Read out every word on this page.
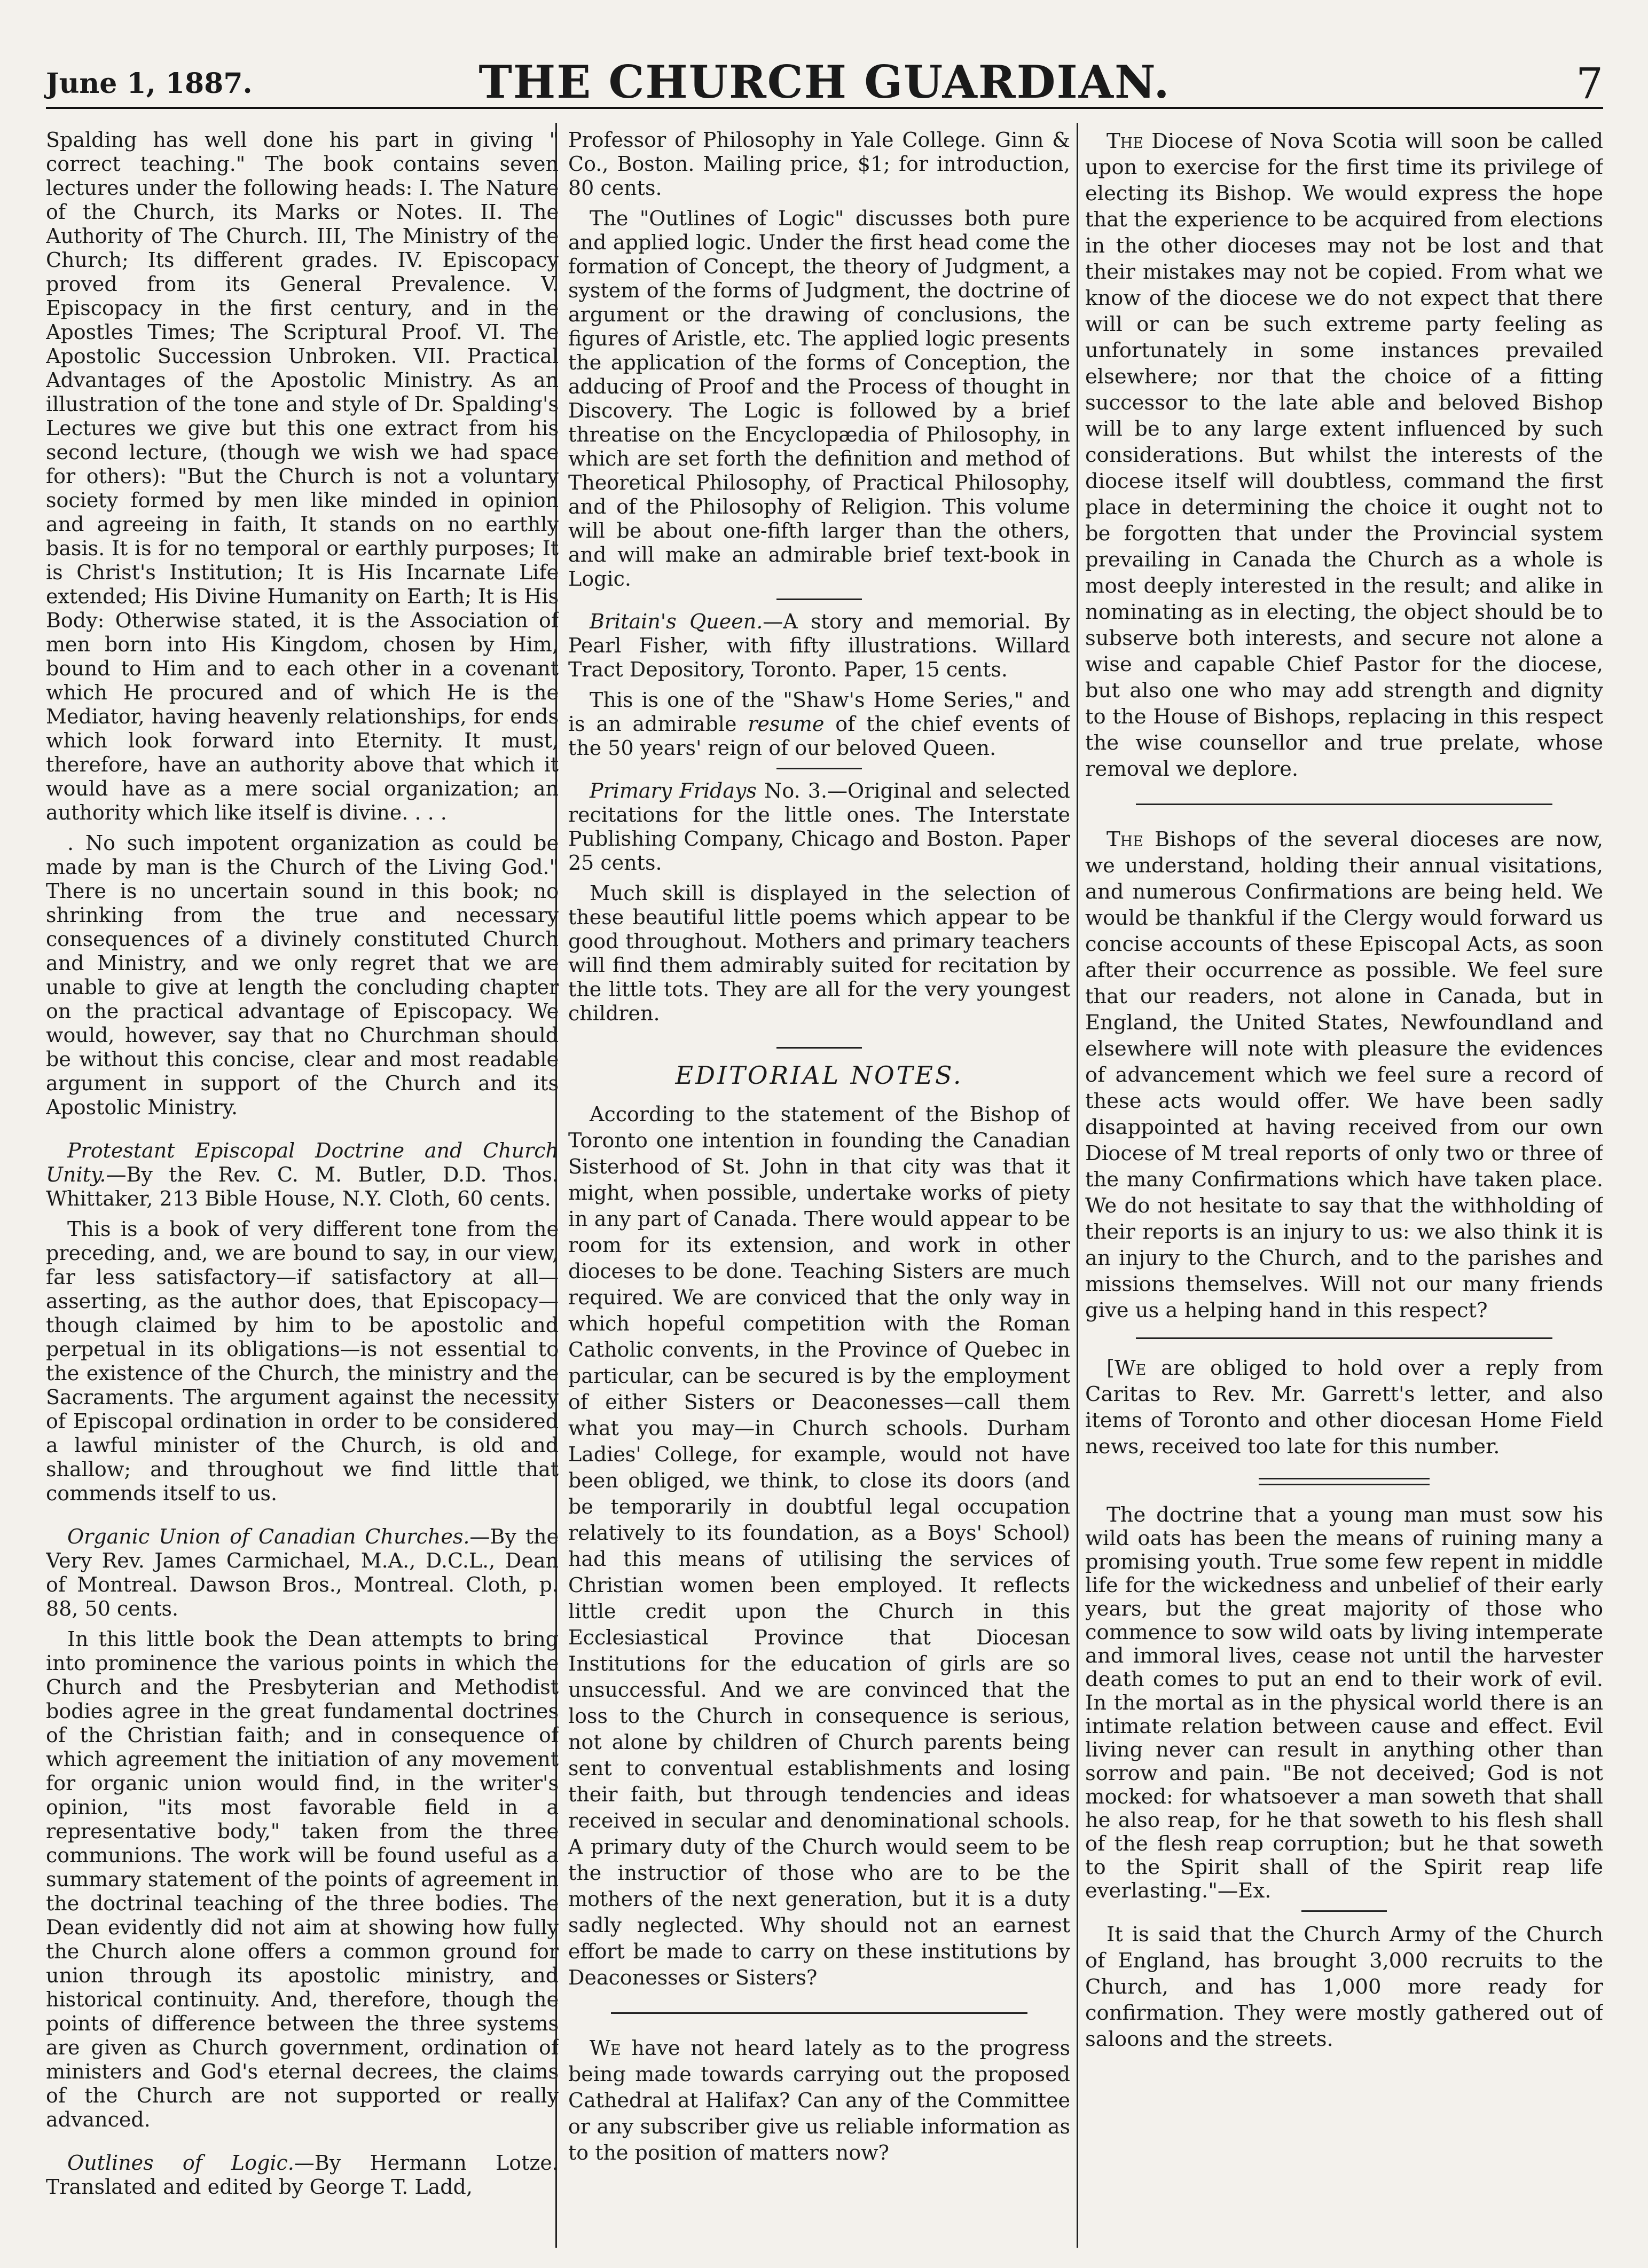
June 1, 1887.	THE CHURCH GUARDIAN.	7

Spalding has well done his part in giving " correct teaching." The book contains seven lectures under the following heads: I. The Nature of the Church, its Marks or Notes. II. The Authority of The Church. III, The Ministry of the Church; Its different grades. IV. Episcopacy proved from its General Prevalence. V. Episcopacy in the first century, and in the Apostles Times; The Scriptural Proof. VI. The Apostolic Succession Unbroken. VII. Practical Advantages of the Apostolic Ministry. As an illustration of the tone and style of Dr. Spalding's Lectures we give but this one extract from his second lecture, (though we wish we had space for others): "But the Church is not a voluntary society formed by men like minded in opinion and agreeing in faith, It stands on no earthly basis. It is for no temporal or earthly purposes; It is Christ's Institution; It is His Incarnate Life extended; His Divine Humanity on Earth; It is His Body: Otherwise stated, it is the Association of men born into His Kingdom, chosen by Him, bound to Him and to each other in a covenant which He procured and of which He is the Mediator, having heavenly relationships, for ends which look forward into Eternity. It must, therefore, have an authority above that which it would have as a mere social organization; an authority which like itself is divine. . . .

. No such impotent organization as could be made by man is the Church of the Living God." There is no uncertain sound in this book; no shrinking from the true and necessary consequences of a divinely constituted Church and Ministry, and we only regret that we are unable to give at length the concluding chapter on the practical advantage of Episcopacy. We would, however, say that no Churchman should be without this concise, clear and most readable argument in support of the Church and its Apostolic Ministry.

Protestant Episcopal Doctrine and Church Unity.—By the Rev. C. M. Butler, D.D. Thos. Whittaker, 213 Bible House, N.Y. Cloth, 60 cents.

This is a book of very different tone from the preceding, and, we are bound to say, in our view, far less satisfactory—if satisfactory at all—asserting, as the author does, that Episcopacy—though claimed by him to be apostolic and perpetual in its obligations—is not essential to the existence of the Church, the ministry and the Sacraments. The argument against the necessity of Episcopal ordination in order to be considered a lawful minister of the Church, is old and shallow; and throughout we find little that commends itself to us.

Organic Union of Canadian Churches.—By the Very Rev. James Carmichael, M.A., D.C.L., Dean of Montreal. Dawson Bros., Montreal. Cloth, p. 88, 50 cents.

In this little book the Dean attempts to bring into prominence the various points in which the Church and the Presbyterian and Methodist bodies agree in the great fundamental doctrines of the Christian faith; and in consequence of which agreement the initiation of any movement for organic union would find, in the writer's opinion, "its most favorable field in a representative body," taken from the three communions. The work will be found useful as a summary statement of the points of agreement in the doctrinal teaching of the three bodies. The Dean evidently did not aim at showing how fully the Church alone offers a common ground for union through its apostolic ministry, and historical continuity. And, therefore, though the points of difference between the three systems are given as Church government, ordination of ministers and God's eternal decrees, the claims of the Church are not supported or really advanced.

Outlines of Logic.—By Hermann Lotze. Translated and edited by George T. Ladd,

Professor of Philosophy in Yale College. Ginn & Co., Boston. Mailing price, $1; for introduction, 80 cents.

The "Outlines of Logic" discusses both pure and applied logic. Under the first head come the formation of Concept, the theory of Judgment, a system of the forms of Judgment, the doctrine of argument or the drawing of conclusions, the figures of Aristle, etc. The applied logic presents the application of the forms of Conception, the adducing of Proof and the Process of thought in Discovery. The Logic is followed by a brief threatise on the Encyclopædia of Philosophy, in which are set forth the definition and method of Theoretical Philosophy, of Practical Philosophy, and of the Philosophy of Religion. This volume will be about one-fifth larger than the others, and will make an admirable brief text-book in Logic.

Britain's Queen.—A story and memorial. By Pearl Fisher, with fifty illustrations. Willard Tract Depository, Toronto. Paper, 15 cents.

This is one of the "Shaw's Home Series," and is an admirable resume of the chief events of the 50 years' reign of our beloved Queen.

Primary Fridays No. 3.—Original and selected recitations for the little ones. The Interstate Publishing Company, Chicago and Boston. Paper 25 cents.

Much skill is displayed in the selection of these beautiful little poems which appear to be good throughout. Mothers and primary teachers will find them admirably suited for recitation by the little tots. They are all for the very youngest children.

EDITORIAL NOTES.

According to the statement of the Bishop of Toronto one intention in founding the Canadian Sisterhood of St. John in that city was that it might, when possible, undertake works of piety in any part of Canada. There would appear to be room for its extension, and work in other dioceses to be done. Teaching Sisters are much required. We are conviced that the only way in which hopeful competition with the Roman Catholic convents, in the Province of Quebec in particular, can be secured is by the employment of either Sisters or Deaconesses—call them what you may—in Church schools. Durham Ladies' College, for example, would not have been obliged, we think, to close its doors (and be temporarily in doubtful legal occupation relatively to its foundation, as a Boys' School) had this means of utilising the services of Christian women been employed. It reflects little credit upon the Church in this Ecclesiastical Province that Diocesan Institutions for the education of girls are so unsuccessful. And we are convinced that the loss to the Church in consequence is serious, not alone by children of Church parents being sent to conventual establishments and losing their faith, but through tendencies and ideas received in secular and denominational schools. A primary duty of the Church would seem to be the instructior of those who are to be the mothers of the next generation, but it is a duty sadly neglected. Why should not an earnest effort be made to carry on these institutions by Deaconesses or Sisters?

We have not heard lately as to the progress being made towards carrying out the proposed Cathedral at Halifax? Can any of the Committee or any subscriber give us reliable information as to the position of matters now?

The Diocese of Nova Scotia will soon be called upon to exercise for the first time its privilege of electing its Bishop. We would express the hope that the experience to be acquired from elections in the other dioceses may not be lost and that their mistakes may not be copied. From what we know of the diocese we do not expect that there will or can be such extreme party feeling as unfortunately in some instances prevailed elsewhere; nor that the choice of a fitting successor to the late able and beloved Bishop will be to any large extent influenced by such considerations. But whilst the interests of the diocese itself will doubtless, command the first place in determining the choice it ought not to be forgotten that under the Provincial system prevailing in Canada the Church as a whole is most deeply interested in the result; and alike in nominating as in electing, the object should be to subserve both interests, and secure not alone a wise and capable Chief Pastor for the diocese, but also one who may add strength and dignity to the House of Bishops, replacing in this respect the wise counsellor and true prelate, whose removal we deplore.

The Bishops of the several dioceses are now, we understand, holding their annual visitations, and numerous Confirmations are being held. We would be thankful if the Clergy would forward us concise accounts of these Episcopal Acts, as soon after their occurrence as possible. We feel sure that our readers, not alone in Canada, but in England, the United States, Newfoundland and elsewhere will note with pleasure the evidences of advancement which we feel sure a record of these acts would offer. We have been sadly disappointed at having received from our own Diocese of M treal reports of only two or three of the many Confirmations which have taken place. We do not hesitate to say that the withholding of their reports is an injury to us: we also think it is an injury to the Church, and to the parishes and missions themselves. Will not our many friends give us a helping hand in this respect?

[We are obliged to hold over a reply from Caritas to Rev. Mr. Garrett's letter, and also items of Toronto and other diocesan Home Field news, received too late for this number.

The doctrine that a young man must sow his wild oats has been the means of ruining many a promising youth. True some few repent in middle life for the wickedness and unbelief of their early years, but the great majority of those who commence to sow wild oats by living intemperate and immoral lives, cease not until the harvester death comes to put an end to their work of evil. In the mortal as in the physical world there is an intimate relation between cause and effect. Evil living never can result in anything other than sorrow and pain. "Be not deceived; God is not mocked: for whatsoever a man soweth that shall he also reap, for he that soweth to his flesh shall of the flesh reap corruption; but he that soweth to the Spirit shall of the Spirit reap life everlasting."—Ex.

It is said that the Church Army of the Church of England, has brought 3,000 recruits to the Church, and has 1,000 more ready for confirmation. They were mostly gathered out of saloons and the streets.
